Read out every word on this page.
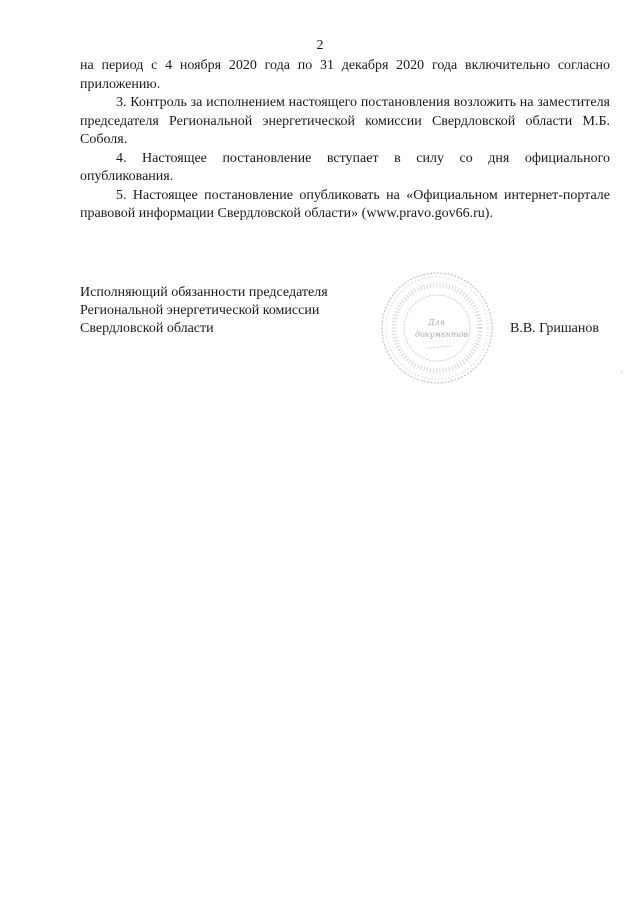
2

на период с 4 ноября 2020 года по 31 декабря 2020 года включительно согласно приложению.

3. Контроль за исполнением настоящего постановления возложить на заместителя председателя Региональной энергетической комиссии Свердловской области М.Б. Соболя.

4. Настоящее постановление вступает в силу со дня официального опубликования.

5. Настоящее постановление опубликовать на «Официальном интернет-портале правовой информации Свердловской области» (www.pravo.gov66.ru).

Исполняющий обязанности председателя
Региональной энергетической комиссии
Свердловской области	Для
документов	В.В. Гришанов
